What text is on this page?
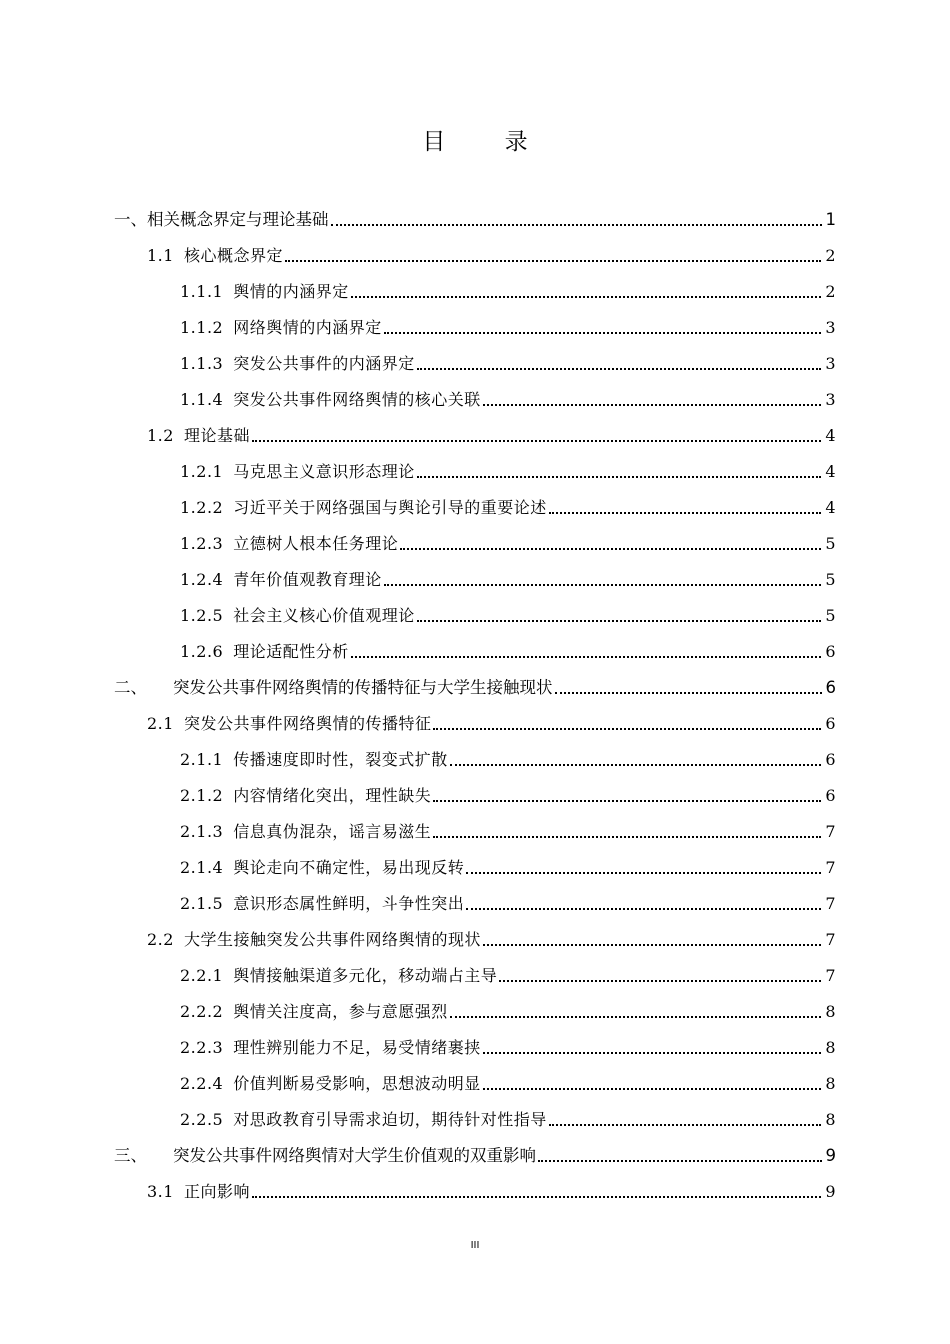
目 录
一、 相关概念界定与理论基础	1
1.1 核心概念界定	2
1.1.1 舆情的内涵界定	2
1.1.2 网络舆情的内涵界定	3
1.1.3 突发公共事件的内涵界定	3
1.1.4 突发公共事件网络舆情的核心关联	3
1.2 理论基础	4
1.2.1 马克思主义意识形态理论	4
1.2.2 习近平关于网络强国与舆论引导的重要论述	4
1.2.3 立德树人根本任务理论	5
1.2.4 青年价值观教育理论	5
1.2.5 社会主义核心价值观理论	5
1.2.6 理论适配性分析	6
二、 突发公共事件网络舆情的传播特征与大学生接触现状	6
2.1 突发公共事件网络舆情的传播特征	6
2.1.1 传播速度即时性，裂变式扩散	6
2.1.2 内容情绪化突出，理性缺失	6
2.1.3 信息真伪混杂，谣言易滋生	7
2.1.4 舆论走向不确定性，易出现反转	7
2.1.5 意识形态属性鲜明，斗争性突出	7
2.2 大学生接触突发公共事件网络舆情的现状	7
2.2.1 舆情接触渠道多元化，移动端占主导	7
2.2.2 舆情关注度高，参与意愿强烈	8
2.2.3 理性辨别能力不足，易受情绪裹挟	8
2.2.4 价值判断易受影响，思想波动明显	8
2.2.5 对思政教育引导需求迫切，期待针对性指导	8
三、 突发公共事件网络舆情对大学生价值观的双重影响	9
3.1 正向影响	9
III
